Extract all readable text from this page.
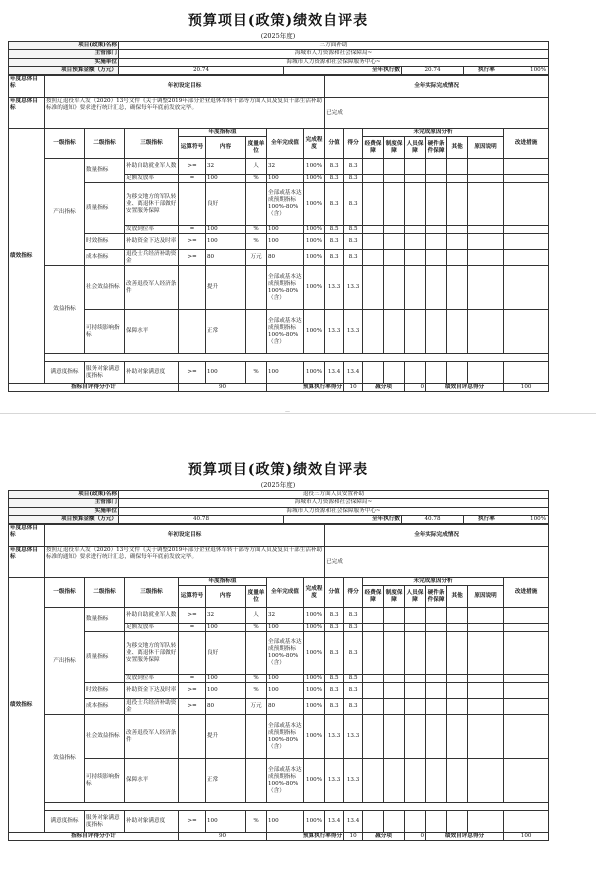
预算项目(政策)绩效自评表
(2025年度)
项目(政策)名称	三方面补助			
主管部门	海城市人力资源和社会保障局~			
实施单位	海城市人力资源和社会保障服务中心~			
项目预算金额（万元）	20.74	全年执行数	20.74	执行率 100%
年度总体目标	年初设定目标								全年实际完成情况								
年度总体目标	按照辽退役军人发（2020）13号文件《关于调整2019年部分企业退休军转干部等方面人员及复员干部生活补助标准的通知》要求进行统计汇总，确保每年年底前发放完毕。								已完成								
绩效指标	一级指标	二级指标	三级指标	年度指标值			全年完成值	完成程度	分值	得分	未完成原因分析						改进措施
				运算符号	内容	度量单位					经费保障	制度保障	人员保障	硬件条件保障	其他	原因说明	
	产出指标	数量指标	补助自助就业军人数	>=	32	人	32	100%	8.3	8.3							
			足额发放率	=	100	%	100	100%	8.3	8.3							
		质量指标	为移交地方的军队转业、离退休干部做好安置服务保障		良好		全部或基本达成预期指标100%-80%（含）	100%	8.3	8.3							
			发放到位率	=	100	%	100	100%	8.5	8.5							
		时效指标	补助资金下达及时率	>=	100	%	100	100%	8.3	8.3							
		成本指标	退役士兵经济补助资金	>=	80	万元	80	100%	8.3	8.3							
	效益指标	社会效益指标	改善退役军人经济条件		提升		全部或基本达成预期指标100%-80%（含）	100%	13.3	13.3							
		可持续影响指标	保障水平		正常		全部或基本达成预期指标100%-80%（含）	100%	13.3	13.3							

	满意度指标	服务对象满意度指标	补助对象满意度	>=	100	%	100	100%	13.4	13.4							
指标自评得分小计				90			预算执行率得分			10	减分项		0	绩效自评总得分			100
—
预算项目(政策)绩效自评表
(2025年度)
项目(政策)名称	退役三方面人员安置补助			
主管部门	海城市人力资源和社会保障局~			
实施单位	海城市人力资源和社会保障服务中心~			
项目预算金额（万元）	40.78	全年执行数	40.78	执行率 100%
年度总体目标	年初设定目标								全年实际完成情况								
年度总体目标	按照辽退役军人发（2020）13号文件《关于调整2019年部分企业退休军转干部等方面人员及复员干部生活补助标准的通知》要求进行统计汇总，确保每年年底前发放完毕。								已完成								
绩效指标	一级指标	二级指标	三级指标	年度指标值			全年完成值	完成程度	分值	得分	未完成原因分析						改进措施
				运算符号	内容	度量单位					经费保障	制度保障	人员保障	硬件条件保障	其他	原因说明	
	产出指标	数量指标	补助自助就业军人数	>=	32	人	32	100%	8.3	8.3							
			足额发放率	=	100	%	100	100%	8.3	8.3							
		质量指标	为移交地方的军队转业、离退休干部做好安置服务保障		良好		全部或基本达成预期指标100%-80%（含）	100%	8.3	8.3							
			发放到位率	=	100	%	100	100%	8.5	8.5							
		时效指标	补助资金下达及时率	>=	100	%	100	100%	8.3	8.3							
		成本指标	退役士兵经济补助资金	>=	80	万元	80	100%	8.3	8.3							
	效益指标	社会效益指标	改善退役军人经济条件		提升		全部或基本达成预期指标100%-80%（含）	100%	13.3	13.3							
		可持续影响指标	保障水平		正常		全部或基本达成预期指标100%-80%（含）	100%	13.3	13.3							

	满意度指标	服务对象满意度指标	补助对象满意度	>=	100	%	100	100%	13.4	13.4							
指标自评得分小计				90			预算执行率得分			10	减分项		0	绩效自评总得分			100
